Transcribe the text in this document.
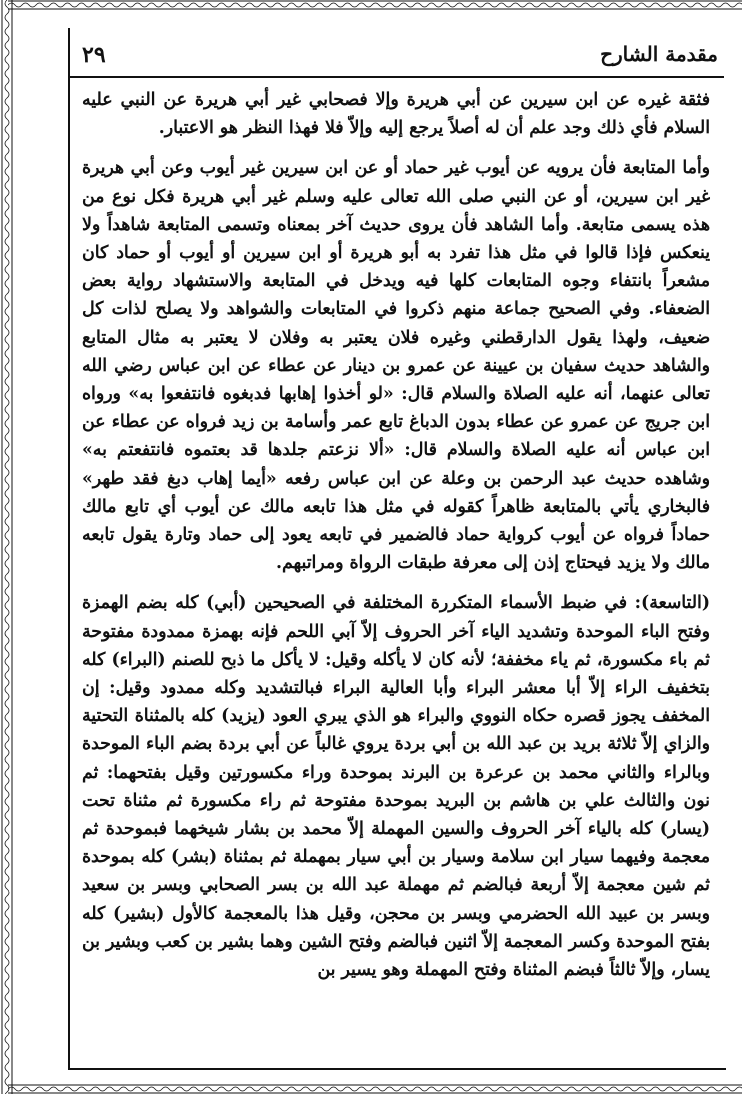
مقدمة الشارح
٢٩

فثقة غيره عن ابن سيرين عن أبي هريرة وإلا فصحابي غير أبي هريرة عن النبي عليه السلام فأي ذلك وجد علم أن له أصلاً يرجع إليه وإلاّ فلا فهذا النظر هو الاعتبار.

وأما المتابعة فأن يرويه عن أيوب غير حماد أو عن ابن سيرين غير أيوب وعن أبي هريرة غير ابن سيرين، أو عن النبي صلى الله تعالى عليه وسلم غير أبي هريرة فكل نوع من هذه يسمى متابعة. وأما الشاهد فأن يروى حديث آخر بمعناه وتسمى المتابعة شاهداً ولا ينعكس فإذا قالوا في مثل هذا تفرد به أبو هريرة أو ابن سيرين أو أيوب أو حماد كان مشعراً بانتفاء وجوه المتابعات كلها فيه ويدخل في المتابعة والاستشهاد رواية بعض الضعفاء. وفي الصحيح جماعة منهم ذكروا في المتابعات والشواهد ولا يصلح لذات كل ضعيف، ولهذا يقول الدارقطني وغيره فلان يعتبر به وفلان لا يعتبر به مثال المتابع والشاهد حديث سفيان بن عيينة عن عمرو بن دينار عن عطاء عن ابن عباس رضي الله تعالى عنهما، أنه عليه الصلاة والسلام قال: «لو أخذوا إهابها فدبغوه فانتفعوا به» ورواه ابن جريج عن عمرو عن عطاء بدون الدباغ تابع عمر وأسامة بن زيد فرواه عن عطاء عن ابن عباس أنه عليه الصلاة والسلام قال: «ألا نزعتم جلدها قد بعتموه فانتفعتم به» وشاهده حديث عبد الرحمن بن وعلة عن ابن عباس رفعه «أيما إهاب دبغ فقد طهر» فالبخاري يأتي بالمتابعة ظاهراً كقوله في مثل هذا تابعه مالك عن أيوب أي تابع مالك حماداً فرواه عن أيوب كرواية حماد فالضمير في تابعه يعود إلى حماد وتارة يقول تابعه مالك ولا يزيد فيحتاج إذن إلى معرفة طبقات الرواة ومراتبهم.

(التاسعة): في ضبط الأسماء المتكررة المختلفة في الصحيحين (أبي) كله بضم الهمزة وفتح الباء الموحدة وتشديد الياء آخر الحروف إلاّ آبي اللحم فإنه بهمزة ممدودة مفتوحة ثم باء مكسورة، ثم ياء مخففة؛ لأنه كان لا يأكله وقيل: لا يأكل ما ذبح للصنم (البراء) كله بتخفيف الراء إلاّ أبا معشر البراء وأبا العالية البراء فبالتشديد وكله ممدود وقيل: إن المخفف يجوز قصره حكاه النووي والبراء هو الذي يبري العود (يزيد) كله بالمثناة التحتية والزاي إلاّ ثلاثة بريد بن عبد الله بن أبي بردة يروي غالباً عن أبي بردة بضم الباء الموحدة وبالراء والثاني محمد بن عرعرة بن البرند بموحدة وراء مكسورتين وقيل بفتحهما: ثم نون والثالث علي بن هاشم بن البريد بموحدة مفتوحة ثم راء مكسورة ثم مثناة تحت (يسار) كله بالياء آخر الحروف والسين المهملة إلاّ محمد بن بشار شيخهما فبموحدة ثم معجمة وفيهما سيار ابن سلامة وسيار بن أبي سيار بمهملة ثم بمثناة (بشر) كله بموحدة ثم شين معجمة إلاّ أربعة فبالضم ثم مهملة عبد الله بن بسر الصحابي وبسر بن سعيد وبسر بن عبيد الله الحضرمي وبسر بن محجن، وقيل هذا بالمعجمة كالأول (بشير) كله بفتح الموحدة وكسر المعجمة إلاّ اثنين فبالضم وفتح الشين وهما بشير بن كعب وبشير بن يسار، وإلاّ ثالثاً فبضم المثناة وفتح المهملة وهو يسير بن
